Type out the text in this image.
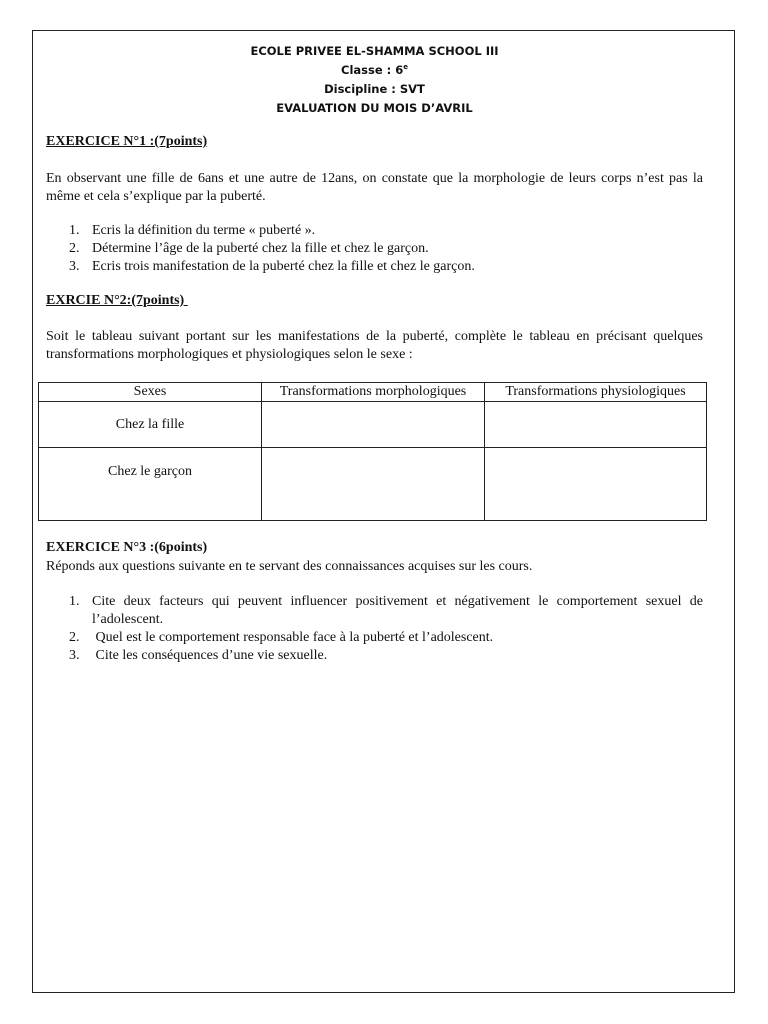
ECOLE PRIVEE EL-SHAMMA SCHOOL III
Classe : 6e
Discipline : SVT
EVALUATION DU MOIS D’AVRIL
EXERCICE N°1 :(7points)
En observant une fille de 6ans et une autre de 12ans, on constate que la morphologie de leurs corps n’est pas la même et cela s’explique par la puberté.
1. Ecris la définition du terme « puberté ».
2. Détermine l’âge de la puberté chez la fille et chez le garçon.
3. Ecris trois manifestation de la puberté chez la fille et chez le garçon.
EXRCIE N°2:(7points)
Soit le tableau suivant portant sur les manifestations de la puberté, complète le tableau en précisant quelques transformations morphologiques et physiologiques selon le sexe :
Sexes	Transformations morphologiques	Transformations physiologiques
Chez la fille		
Chez le garçon		
EXERCICE N°3 :(6points)
Réponds aux questions suivante en te servant des connaissances acquises sur les cours.
1. Cite deux facteurs qui peuvent influencer positivement et négativement le comportement sexuel de l’adolescent.
2. Quel est le comportement responsable face à la puberté et l’adolescent.
3. Cite les conséquences d’une vie sexuelle.
